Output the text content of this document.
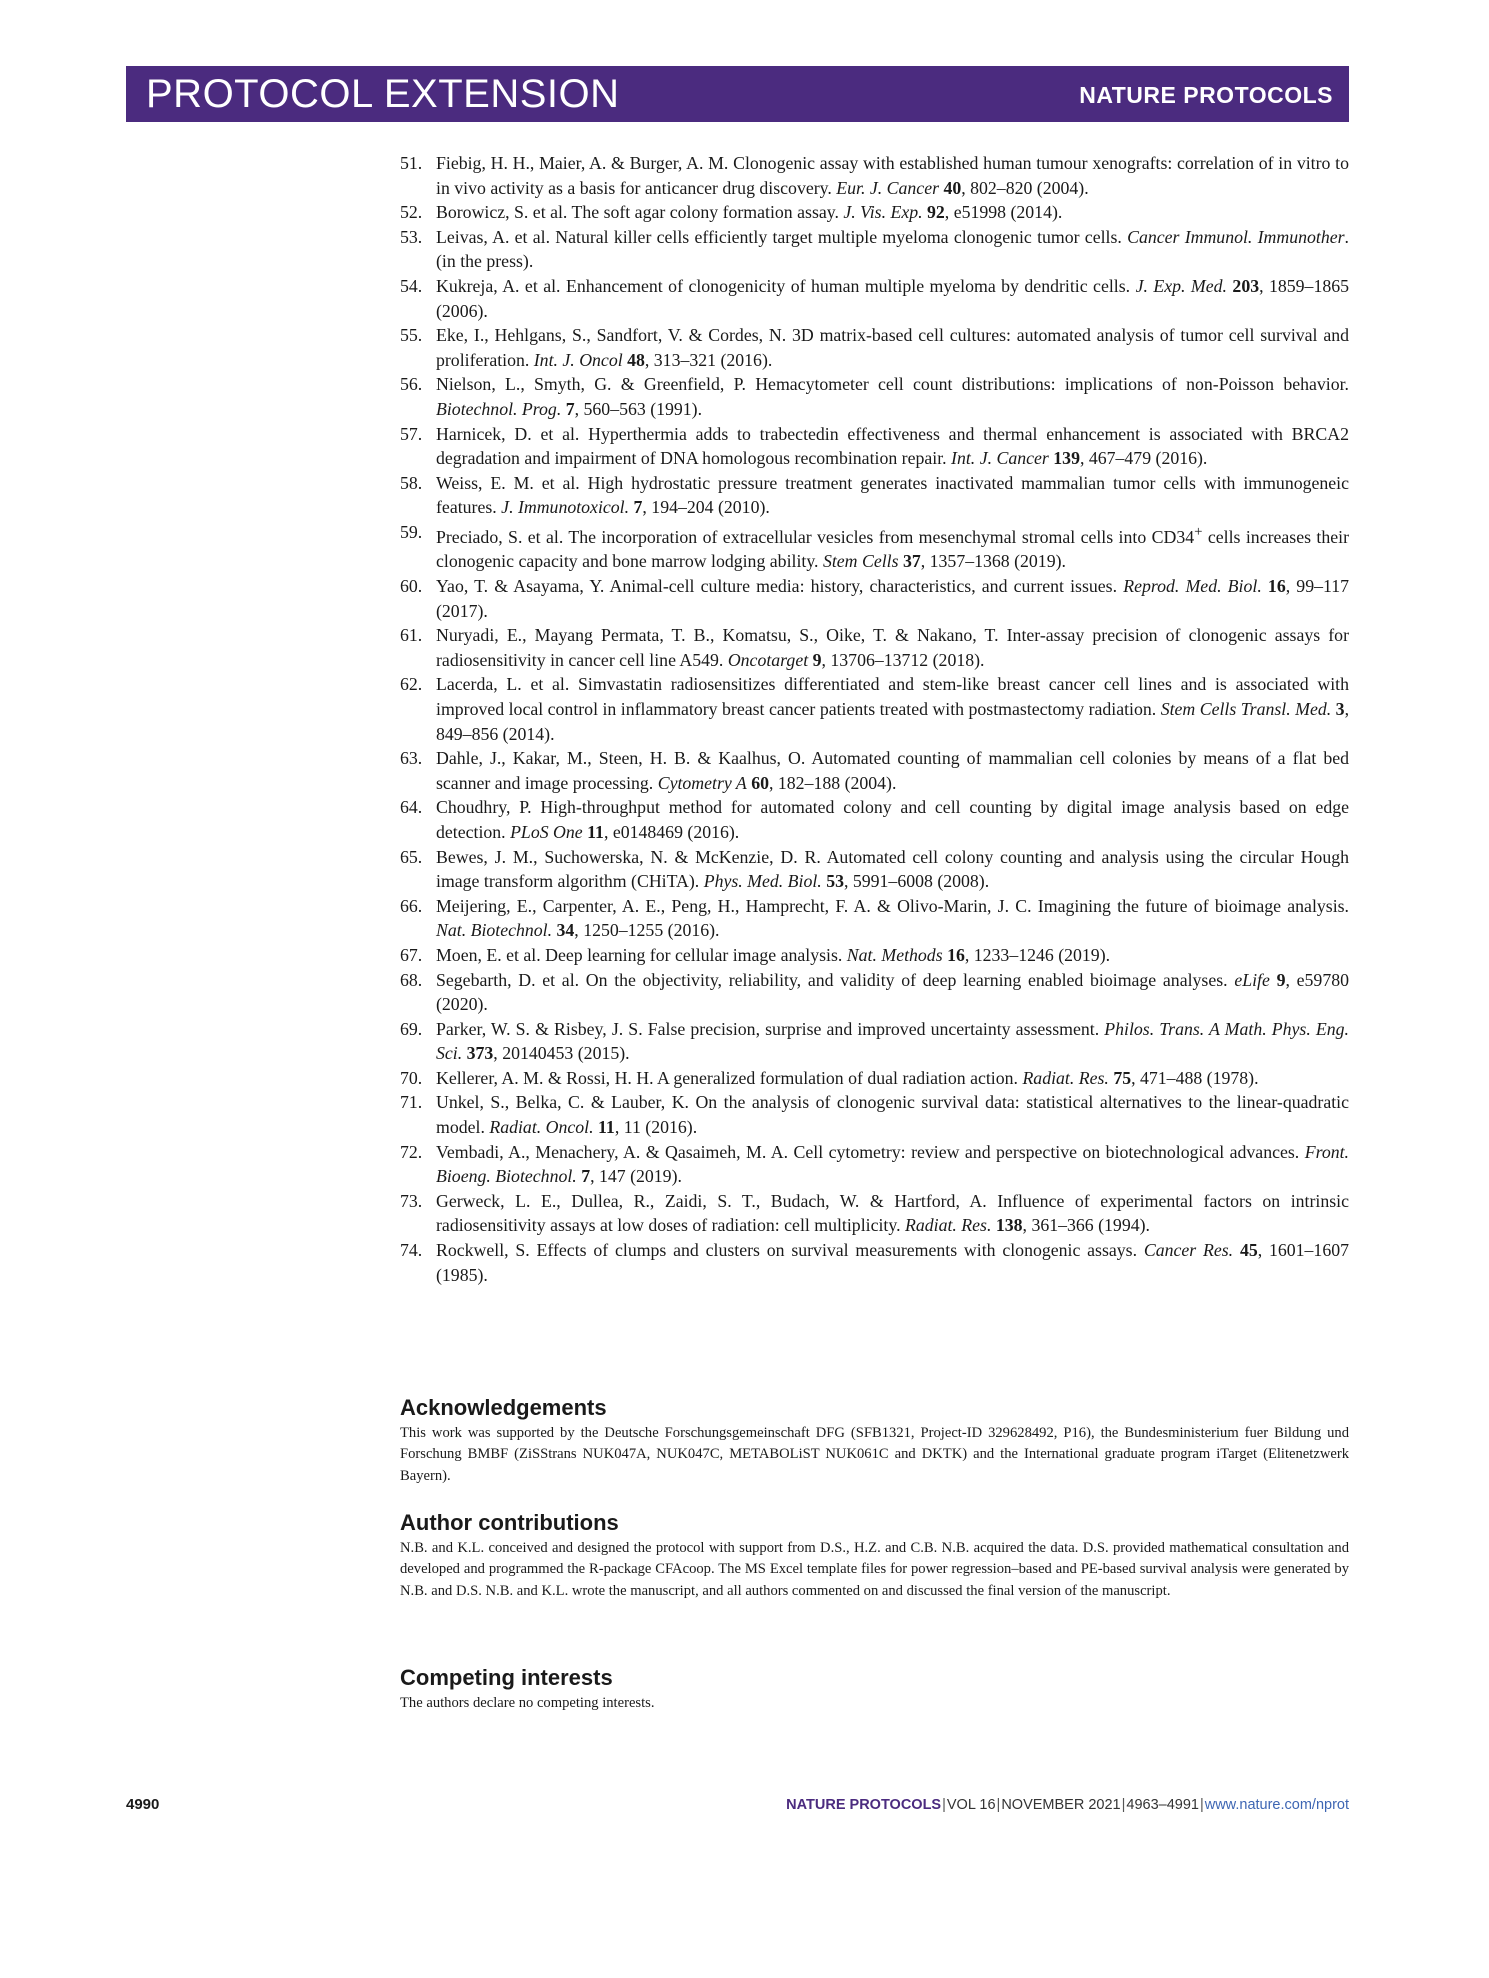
PROTOCOL EXTENSION	NATURE PROTOCOLS
51. Fiebig, H. H., Maier, A. & Burger, A. M. Clonogenic assay with established human tumour xenografts: correlation of in vitro to in vivo activity as a basis for anticancer drug discovery. Eur. J. Cancer 40, 802–820 (2004).
52. Borowicz, S. et al. The soft agar colony formation assay. J. Vis. Exp. 92, e51998 (2014).
53. Leivas, A. et al. Natural killer cells efficiently target multiple myeloma clonogenic tumor cells. Cancer Immunol. Immunother. (in the press).
54. Kukreja, A. et al. Enhancement of clonogenicity of human multiple myeloma by dendritic cells. J. Exp. Med. 203, 1859–1865 (2006).
55. Eke, I., Hehlgans, S., Sandfort, V. & Cordes, N. 3D matrix-based cell cultures: automated analysis of tumor cell survival and proliferation. Int. J. Oncol 48, 313–321 (2016).
56. Nielson, L., Smyth, G. & Greenfield, P. Hemacytometer cell count distributions: implications of non-Poisson behavior. Biotechnol. Prog. 7, 560–563 (1991).
57. Harnicek, D. et al. Hyperthermia adds to trabectedin effectiveness and thermal enhancement is associated with BRCA2 degradation and impairment of DNA homologous recombination repair. Int. J. Cancer 139, 467–479 (2016).
58. Weiss, E. M. et al. High hydrostatic pressure treatment generates inactivated mammalian tumor cells with immunogeneic features. J. Immunotoxicol. 7, 194–204 (2010).
59. Preciado, S. et al. The incorporation of extracellular vesicles from mesenchymal stromal cells into CD34+ cells increases their clonogenic capacity and bone marrow lodging ability. Stem Cells 37, 1357–1368 (2019).
60. Yao, T. & Asayama, Y. Animal-cell culture media: history, characteristics, and current issues. Reprod. Med. Biol. 16, 99–117 (2017).
61. Nuryadi, E., Mayang Permata, T. B., Komatsu, S., Oike, T. & Nakano, T. Inter-assay precision of clonogenic assays for radiosensitivity in cancer cell line A549. Oncotarget 9, 13706–13712 (2018).
62. Lacerda, L. et al. Simvastatin radiosensitizes differentiated and stem-like breast cancer cell lines and is associated with improved local control in inflammatory breast cancer patients treated with postmastectomy radiation. Stem Cells Transl. Med. 3, 849–856 (2014).
63. Dahle, J., Kakar, M., Steen, H. B. & Kaalhus, O. Automated counting of mammalian cell colonies by means of a flat bed scanner and image processing. Cytometry A 60, 182–188 (2004).
64. Choudhry, P. High-throughput method for automated colony and cell counting by digital image analysis based on edge detection. PLoS One 11, e0148469 (2016).
65. Bewes, J. M., Suchowerska, N. & McKenzie, D. R. Automated cell colony counting and analysis using the circular Hough image transform algorithm (CHiTA). Phys. Med. Biol. 53, 5991–6008 (2008).
66. Meijering, E., Carpenter, A. E., Peng, H., Hamprecht, F. A. & Olivo-Marin, J. C. Imagining the future of bioimage analysis. Nat. Biotechnol. 34, 1250–1255 (2016).
67. Moen, E. et al. Deep learning for cellular image analysis. Nat. Methods 16, 1233–1246 (2019).
68. Segebarth, D. et al. On the objectivity, reliability, and validity of deep learning enabled bioimage analyses. eLife 9, e59780 (2020).
69. Parker, W. S. & Risbey, J. S. False precision, surprise and improved uncertainty assessment. Philos. Trans. A Math. Phys. Eng. Sci. 373, 20140453 (2015).
70. Kellerer, A. M. & Rossi, H. H. A generalized formulation of dual radiation action. Radiat. Res. 75, 471–488 (1978).
71. Unkel, S., Belka, C. & Lauber, K. On the analysis of clonogenic survival data: statistical alternatives to the linear-quadratic model. Radiat. Oncol. 11, 11 (2016).
72. Vembadi, A., Menachery, A. & Qasaimeh, M. A. Cell cytometry: review and perspective on biotechnological advances. Front. Bioeng. Biotechnol. 7, 147 (2019).
73. Gerweck, L. E., Dullea, R., Zaidi, S. T., Budach, W. & Hartford, A. Influence of experimental factors on intrinsic radiosensitivity assays at low doses of radiation: cell multiplicity. Radiat. Res. 138, 361–366 (1994).
74. Rockwell, S. Effects of clumps and clusters on survival measurements with clonogenic assays. Cancer Res. 45, 1601–1607 (1985).
Acknowledgements

This work was supported by the Deutsche Forschungsgemeinschaft DFG (SFB1321, Project-ID 329628492, P16), the Bundesministerium fuer Bildung und Forschung BMBF (ZiSStrans NUK047A, NUK047C, METABOLiST NUK061C and DKTK) and the International graduate program iTarget (Elitenetzwerk Bayern).

Author contributions

N.B. and K.L. conceived and designed the protocol with support from D.S., H.Z. and C.B. N.B. acquired the data. D.S. provided mathematical consultation and developed and programmed the R-package CFAcoop. The MS Excel template files for power regression–based and PE-based survival analysis were generated by N.B. and D.S. N.B. and K.L. wrote the manuscript, and all authors commented on and discussed the final version of the manuscript.

Competing interests

The authors declare no competing interests.

4990	NATURE PROTOCOLS|VOL 16|NOVEMBER 2021|4963–4991|www.nature.com/nprot
